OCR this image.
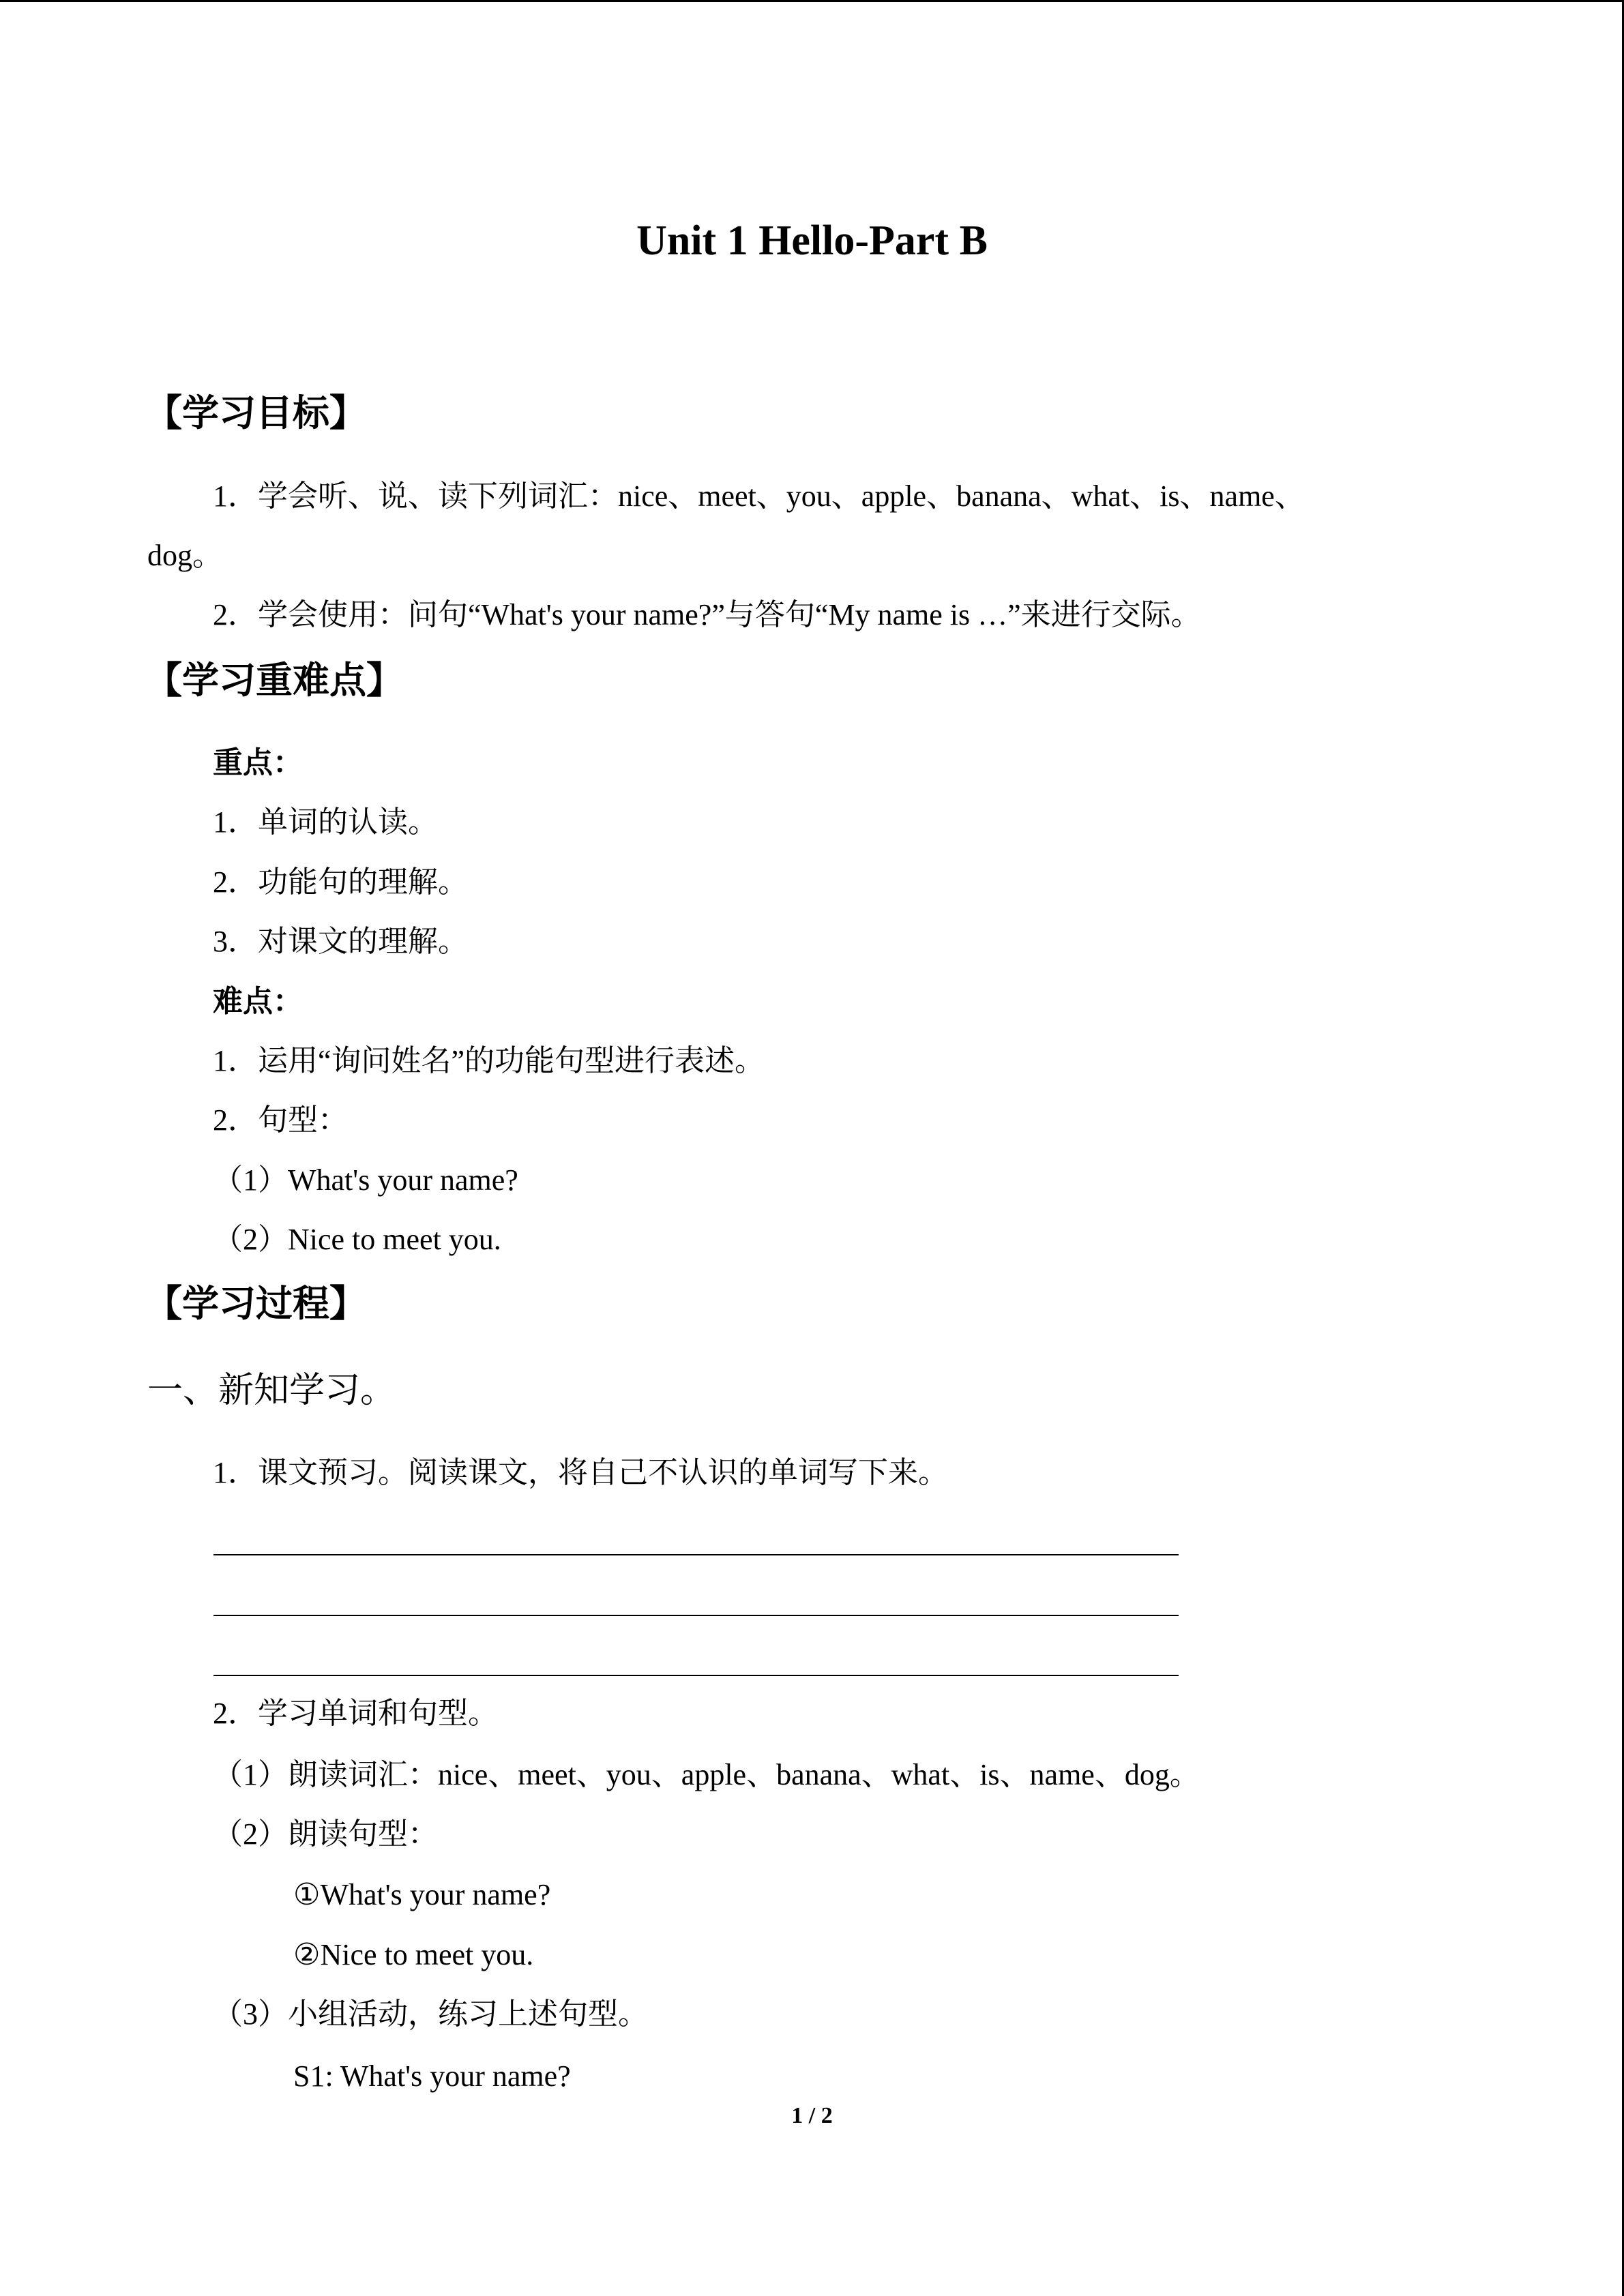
Unit 1 Hello-Part B
【学习目标】
1．学会听、说、读下列词汇：nice、meet、you、apple、banana、what、is、name、
dog。
2．学会使用：问句“What's your name?”与答句“My name is …”来进行交际。
【学习重难点】
重点：
1．单词的认读。
2．功能句的理解。
3．对课文的理解。
难点：
1．运用“询问姓名”的功能句型进行表述。
2．句型：
（1）What's your name?
（2）Nice to meet you.
【学习过程】
一、新知学习。
1．课文预习。阅读课文，将自己不认识的单词写下来。
2．学习单词和句型。
（1）朗读词汇：nice、meet、you、apple、banana、what、is、name、dog。
（2）朗读句型：
①What's your name?
②Nice to meet you.
（3）小组活动，练习上述句型。
S1: What's your name?
1 / 2
